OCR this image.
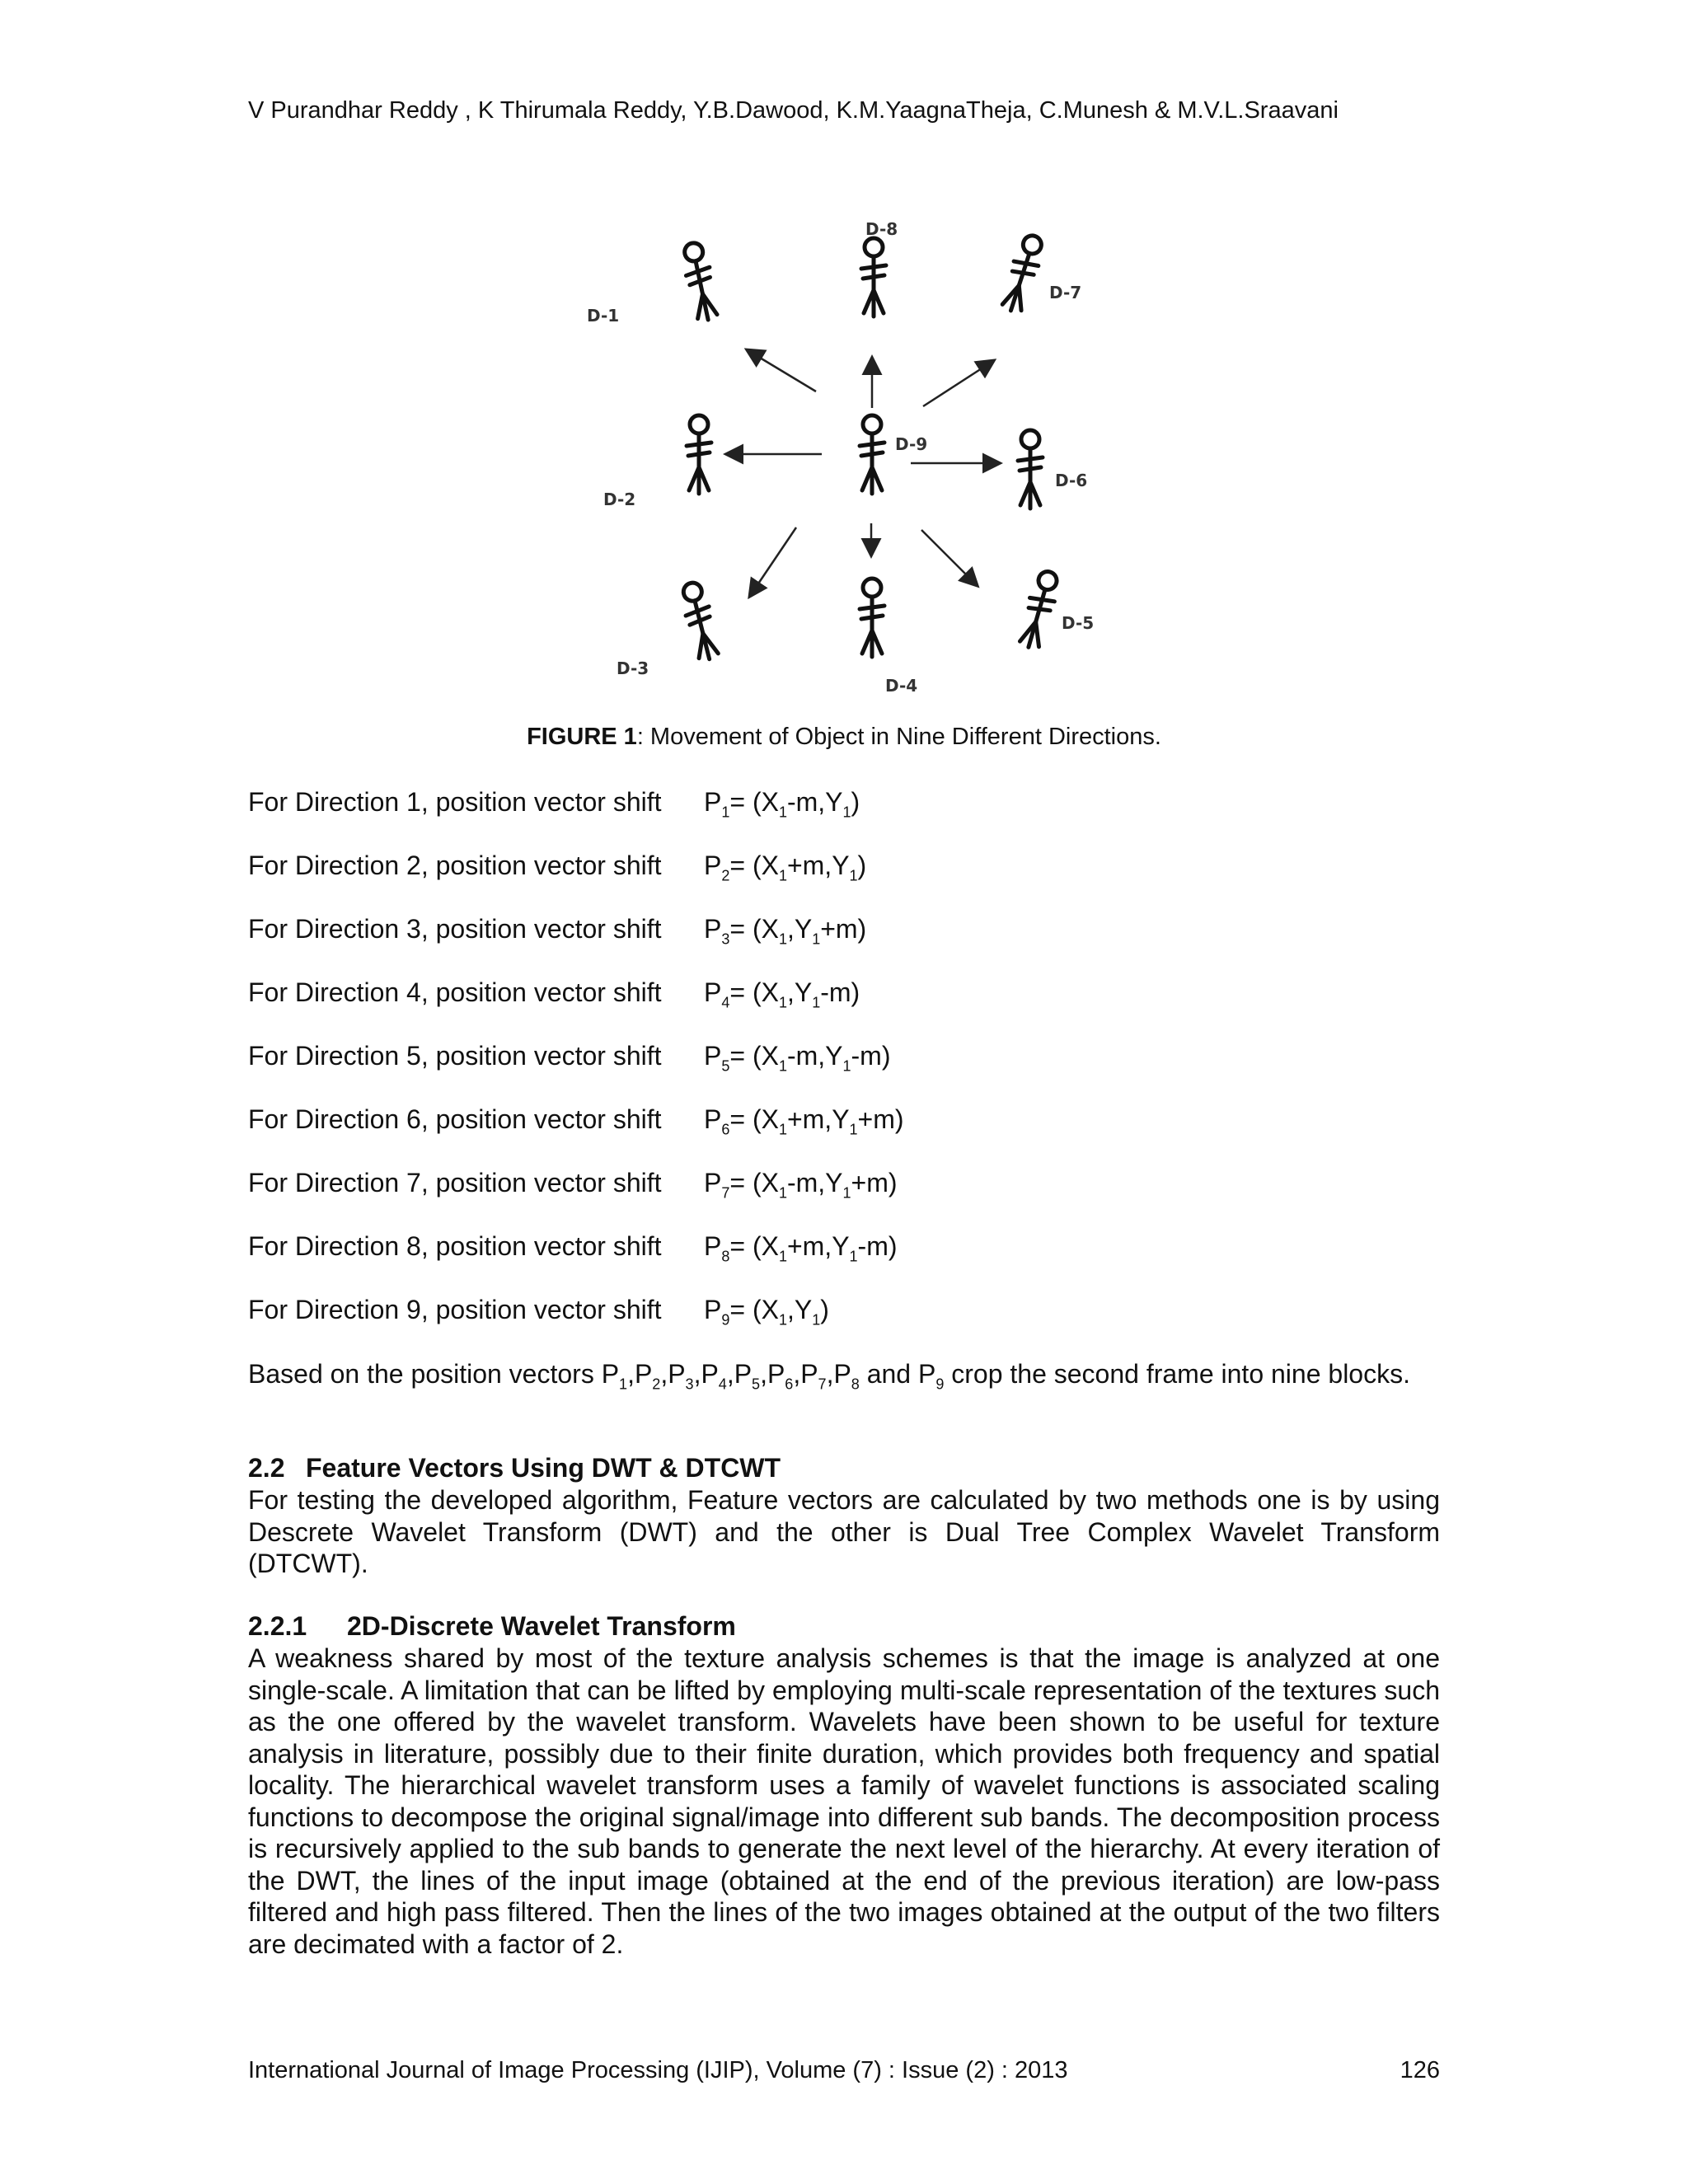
V Purandhar Reddy , K Thirumala Reddy, Y.B.Dawood, K.M.YaagnaTheja, C.Munesh & M.V.L.Sraavani
D-1
D-8
D-7
D-2
D-9
D-6
D-3
D-4
D-5
FIGURE 1: Movement of Object in Nine Different Directions.
For Direction 1, position vector shift $P_1= (X_1-m,Y_1)$
For Direction 2, position vector shift $P_2= (X_1+m,Y_1)$
For Direction 3, position vector shift $P_3= (X_1,Y_1+m)$
For Direction 4, position vector shift $P_4= (X_1,Y_1-m)$
For Direction 5, position vector shift $P_5= (X_1-m,Y_1-m)$
For Direction 6, position vector shift $P_6= (X_1+m,Y_1+m)$
For Direction 7, position vector shift $P_7= (X_1-m,Y_1+m)$
For Direction 8, position vector shift $P_8= (X_1+m,Y_1-m)$
For Direction 9, position vector shift $P_9= (X_1,Y_1)$
Based on the position vectors $P_1,P_2,P_3,P_4,P_5,P_6,P_7,P_8$ and $P_9$ crop the second frame into nine blocks.
2.2 Feature Vectors Using DWT & DTCWT
For testing the developed algorithm, Feature vectors are calculated by two methods one is by using Descrete Wavelet Transform (DWT) and the other is Dual Tree Complex Wavelet Transform (DTCWT).
2.2.1 2D-Discrete Wavelet Transform
A weakness shared by most of the texture analysis schemes is that the image is analyzed at one single-scale. A limitation that can be lifted by employing multi-scale representation of the textures such as the one offered by the wavelet transform. Wavelets have been shown to be useful for texture analysis in literature, possibly due to their finite duration, which provides both frequency and spatial locality. The hierarchical wavelet transform uses a family of wavelet functions is associated scaling functions to decompose the original signal/image into different sub bands. The decomposition process is recursively applied to the sub bands to generate the next level of the hierarchy. At every iteration of the DWT, the lines of the input image (obtained at the end of the previous iteration) are low-pass filtered and high pass filtered. Then the lines of the two images obtained at the output of the two filters are decimated with a factor of 2.
International Journal of Image Processing (IJIP), Volume (7) : Issue (2) : 2013	126
